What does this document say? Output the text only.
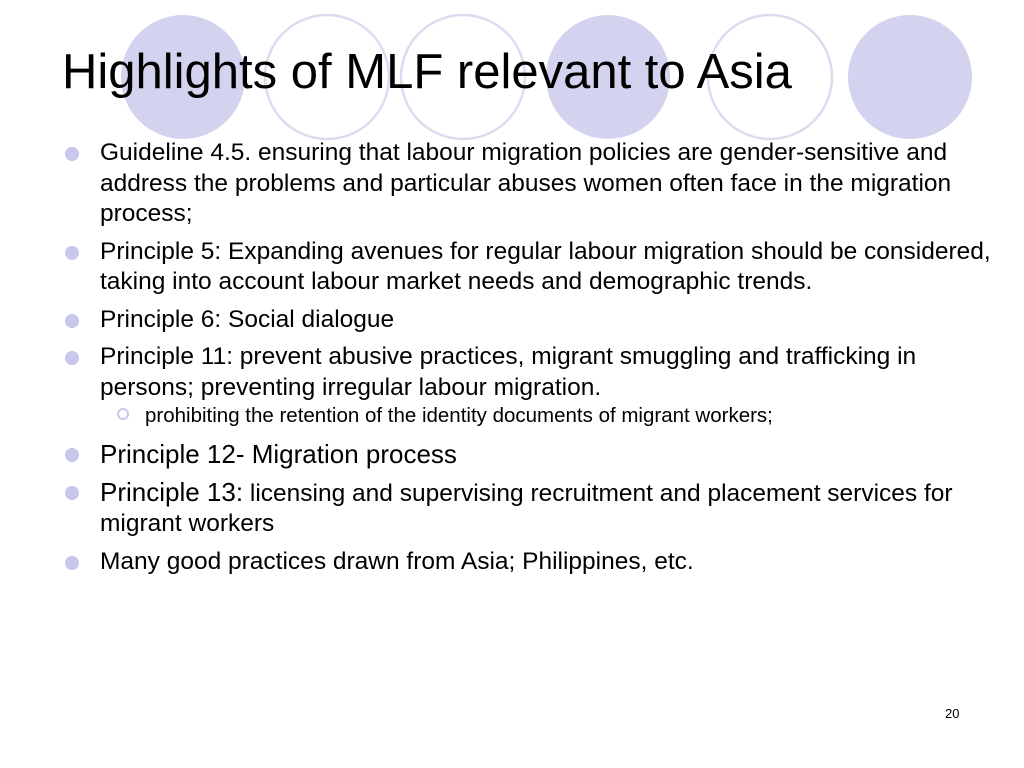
Highlights of MLF relevant to Asia
Guideline 4.5. ensuring that labour migration policies are gender-sensitive and address the problems and particular abuses women often face in the migration process;
Principle 5: Expanding avenues for regular labour migration should be considered, taking into account labour market needs and demographic trends.
Principle 6: Social dialogue
Principle 11: prevent abusive practices, migrant smuggling and trafficking in persons; preventing irregular labour migration.
prohibiting the retention of the identity documents of migrant workers;
Principle 12- Migration process
Principle 13: licensing and supervising recruitment and placement services for migrant workers
Many good practices drawn from Asia; Philippines, etc.
20
